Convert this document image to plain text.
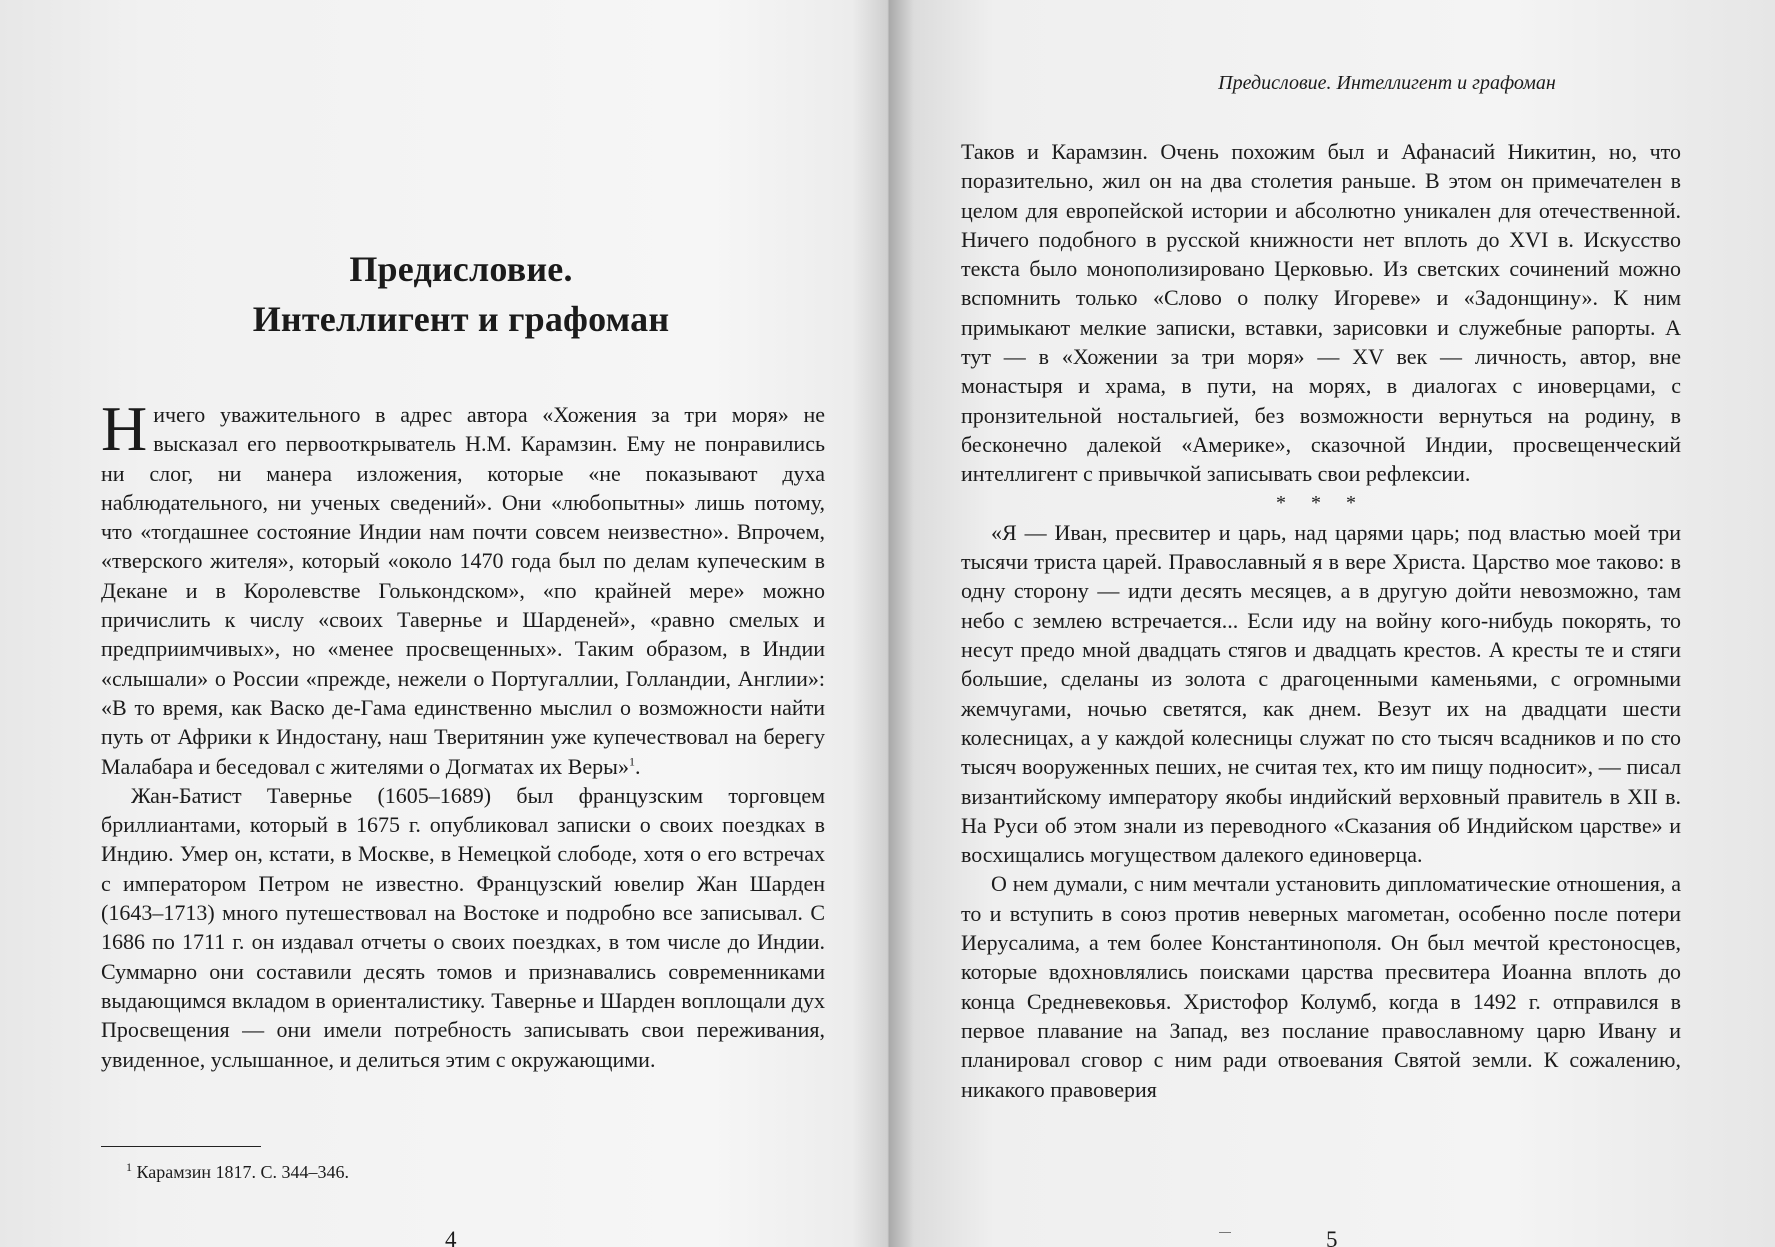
Предисловие.
Интеллигент и графоман

Ничего уважительного в адрес автора «Хожения за три моря» не высказал его первооткрыватель Н.М. Карамзин. Ему не понравились ни слог, ни манера изложения, которые «не показывают духа наблюдательного, ни ученых сведений». Они «любопытны» лишь потому, что «тогдашнее состояние Индии нам почти совсем неизвестно». Впрочем, «тверского жителя», который «около 1470 года был по делам купеческим в Декане и в Королевстве Голькондском», «по крайней мере» можно причислить к числу «своих Таверньe и Шарденей», «равно смелых и предприимчивых», но «менее просвещенных». Таким образом, в Индии «слышали» о России «прежде, нежели о Португаллии, Голландии, Англии»: «В то время, как Васко де-Гама единственно мыслил о возможности найти путь от Африки к Индостану, наш Тверитянин уже купечествовал на берегу Малабара и беседовал с жителями о Догматах их Веры»$^1$.

Жан-Батист Таверньe (1605–1689) был французским торговцем бриллиантами, который в 1675 г. опубликовал записки о своих поездках в Индию. Умер он, кстати, в Москве, в Немецкой слободе, хотя о его встречах с императором Петром не известно. Французский ювелир Жан Шарден (1643–1713) много путешествовал на Востоке и подробно все записывал. С 1686 по 1711 г. он издавал отчеты о своих поездках, в том числе до Индии. Суммарно они составили десять томов и признавались современниками выдающимся вкладом в ориенталистику. Таверньe и Шарден воплощали дух Просвещения — они имели потребность записывать свои переживания, увиденное, услышанное, и делиться этим с окружающими.

$^1$ Карамзин 1817. С. 344–346.

4

Предисловие. Интеллигент и графоман

Таков и Карамзин. Очень похожим был и Афанасий Никитин, но, что поразительно, жил он на два столетия раньше. В этом он примечателен в целом для европейской истории и абсолютно уникален для отечественной. Ничего подобного в русской книжности нет вплоть до XVI в. Искусство текста было монополизировано Церковью. Из светских сочинений можно вспомнить только «Слово о полку Игореве» и «Задонщину». К ним примыкают мелкие записки, вставки, зарисовки и служебные рапорты. А тут — в «Хожении за три моря» — XV век — личность, автор, вне монастыря и храма, в пути, на морях, в диалогах с иноверцами, с пронзительной ностальгией, без возможности вернуться на родину, в бесконечно далекой «Америке», сказочной Индии, просвещенческий интеллигент с привычкой записывать свои рефлексии.

* * *

«Я — Иван, пресвитер и царь, над царями царь; под властью моей три тысячи триста царей. Православный я в вере Христа. Царство мое таково: в одну сторону — идти десять месяцев, а в другую дойти невозможно, там небо с землею встречается... Если иду на войну кого-нибудь покорять, то несут предо мной двадцать стягов и двадцать крестов. А кресты те и стяги большие, сделаны из золота с драгоценными каменьями, с огромными жемчугами, ночью светятся, как днем. Везут их на двадцати шести колесницах, а у каждой колесницы служат по сто тысяч всадников и по сто тысяч вооруженных пеших, не считая тех, кто им пищу подносит», — писал византийскому императору якобы индийский верховный правитель в XII в. На Руси об этом знали из переводного «Сказания об Индийском царстве» и восхищались могуществом далекого единоверца.

О нем думали, с ним мечтали установить дипломатические отношения, а то и вступить в союз против неверных магометан, особенно после потери Иерусалима, а тем более Константинополя. Он был мечтой крестоносцев, которые вдохновлялись поисками царства пресвитера Иоанна вплоть до конца Средневековья. Христофор Колумб, когда в 1492 г. отправился в первое плавание на Запад, вез послание православному царю Ивану и планировал сговор с ним ради отвоевания Святой земли. К сожалению, никакого правоверия

5
